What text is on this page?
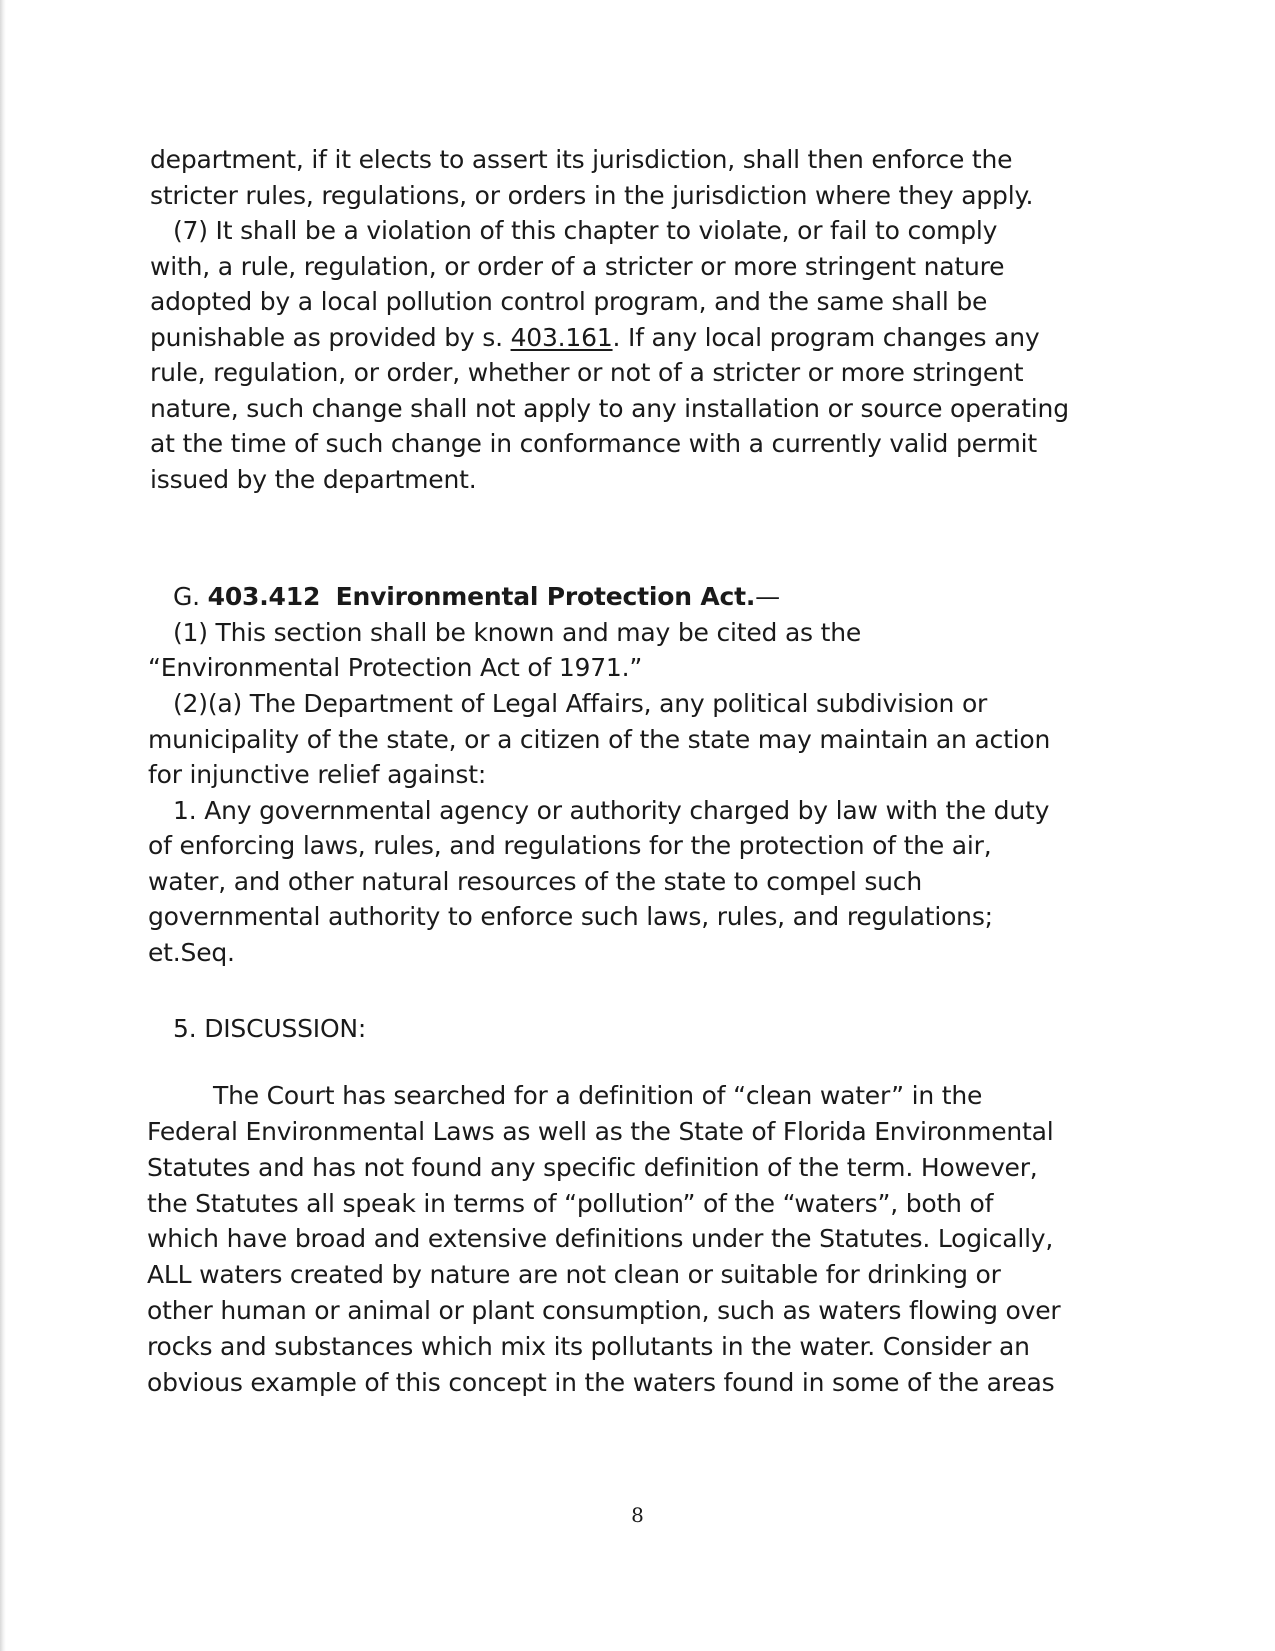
department, if it elects to assert its jurisdiction, shall then enforce the
stricter rules, regulations, or orders in the jurisdiction where they apply.
(7) It shall be a violation of this chapter to violate, or fail to comply
with, a rule, regulation, or order of a stricter or more stringent nature
adopted by a local pollution control program, and the same shall be
punishable as provided by s. 403.161. If any local program changes any
rule, regulation, or order, whether or not of a stricter or more stringent
nature, such change shall not apply to any installation or source operating
at the time of such change in conformance with a currently valid permit
issued by the department.
G. 403.412 Environmental Protection Act.—
(1) This section shall be known and may be cited as the
“Environmental Protection Act of 1971.”
(2)(a) The Department of Legal Affairs, any political subdivision or
municipality of the state, or a citizen of the state may maintain an action
for injunctive relief against:
1. Any governmental agency or authority charged by law with the duty
of enforcing laws, rules, and regulations for the protection of the air,
water, and other natural resources of the state to compel such
governmental authority to enforce such laws, rules, and regulations;
et.Seq.
5. DISCUSSION:
The Court has searched for a definition of “clean water” in the
Federal Environmental Laws as well as the State of Florida Environmental
Statutes and has not found any specific definition of the term. However,
the Statutes all speak in terms of “pollution” of the “waters”, both of
which have broad and extensive definitions under the Statutes. Logically,
ALL waters created by nature are not clean or suitable for drinking or
other human or animal or plant consumption, such as waters flowing over
rocks and substances which mix its pollutants in the water. Consider an
obvious example of this concept in the waters found in some of the areas
8
